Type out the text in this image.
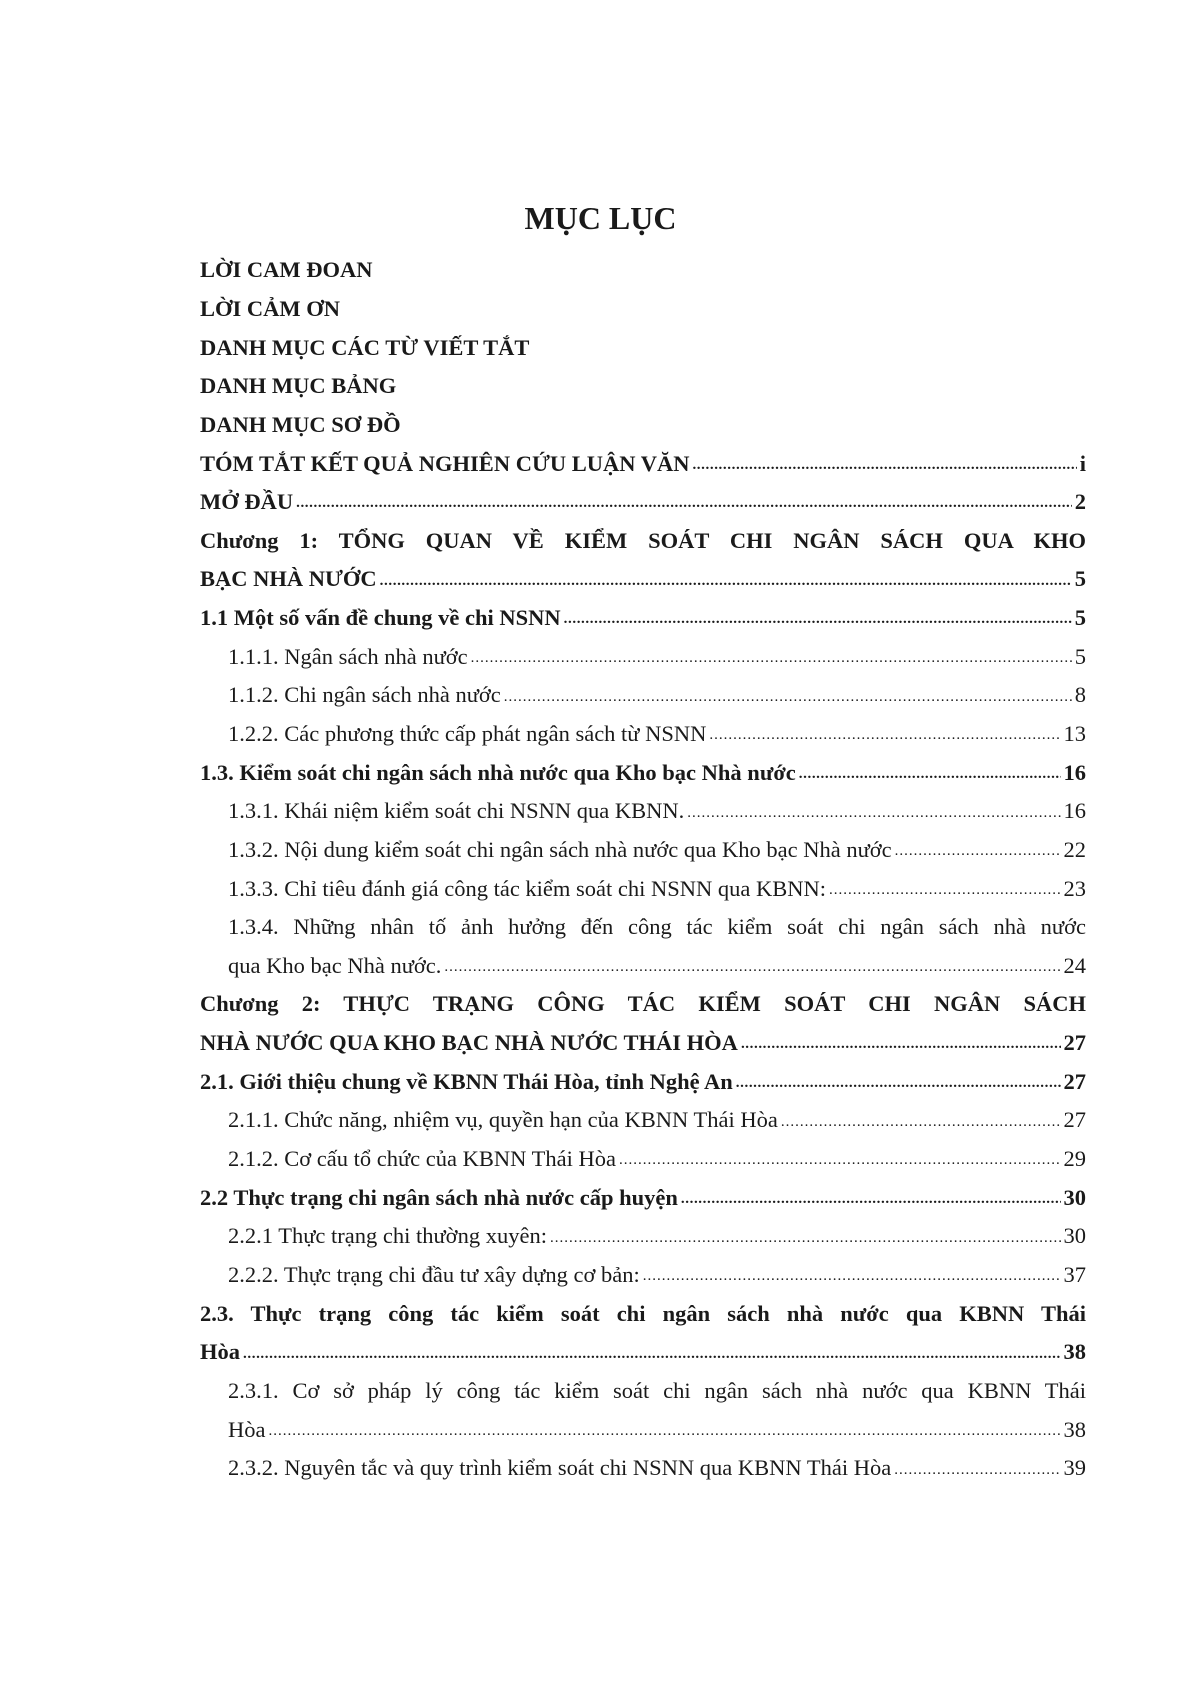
MỤC LỤC
LỜI CAM ĐOAN
LỜI CẢM ƠN
DANH MỤC CÁC TỪ VIẾT TẮT
DANH MỤC BẢNG
DANH MỤC SƠ ĐỒ
TÓM TẮT KẾT QUẢ NGHIÊN CỨU LUẬN VĂN .....	i
MỞ ĐẦU .....	2
Chương 1: TỔNG QUAN VỀ KIỂM SOÁT CHI NGÂN SÁCH QUA KHO
BẠC NHÀ NƯỚC .....	5
1.1 Một số vấn đề chung về chi NSNN .....	5
1.1.1. Ngân sách nhà nước .....	5
1.1.2. Chi ngân sách nhà nước .....	8
1.2.2. Các phương thức cấp phát ngân sách từ NSNN .....	13
1.3. Kiểm soát chi ngân sách nhà nước qua Kho bạc Nhà nước .....	16
1.3.1. Khái niệm kiểm soát chi NSNN qua KBNN. .....	16
1.3.2. Nội dung kiểm soát chi ngân sách nhà nước qua Kho bạc Nhà nước .....	22
1.3.3. Chỉ tiêu đánh giá công tác kiểm soát chi NSNN qua KBNN: .....	23
1.3.4. Những nhân tố ảnh hưởng đến công tác kiểm soát chi ngân sách nhà nước
qua Kho bạc Nhà nước. .....	24
Chương 2: THỰC TRẠNG CÔNG TÁC KIỂM SOÁT CHI NGÂN SÁCH
NHÀ NƯỚC QUA KHO BẠC NHÀ NƯỚC THÁI HÒA .....	27
2.1. Giới thiệu chung về KBNN Thái Hòa, tỉnh Nghệ An .....	27
2.1.1. Chức năng, nhiệm vụ, quyền hạn của KBNN Thái Hòa .....	27
2.1.2. Cơ cấu tổ chức của KBNN Thái Hòa .....	29
2.2 Thực trạng chi ngân sách nhà nước cấp huyện .....	30
2.2.1 Thực trạng chi thường xuyên: .....	30
2.2.2. Thực trạng chi đầu tư xây dựng cơ bản: .....	37
2.3. Thực trạng công tác kiểm soát chi ngân sách nhà nước qua KBNN Thái
Hòa .....	38
2.3.1. Cơ sở pháp lý công tác kiểm soát chi ngân sách nhà nước qua KBNN Thái
Hòa .....	38
2.3.2. Nguyên tắc và quy trình kiểm soát chi NSNN qua KBNN Thái Hòa .....	39
